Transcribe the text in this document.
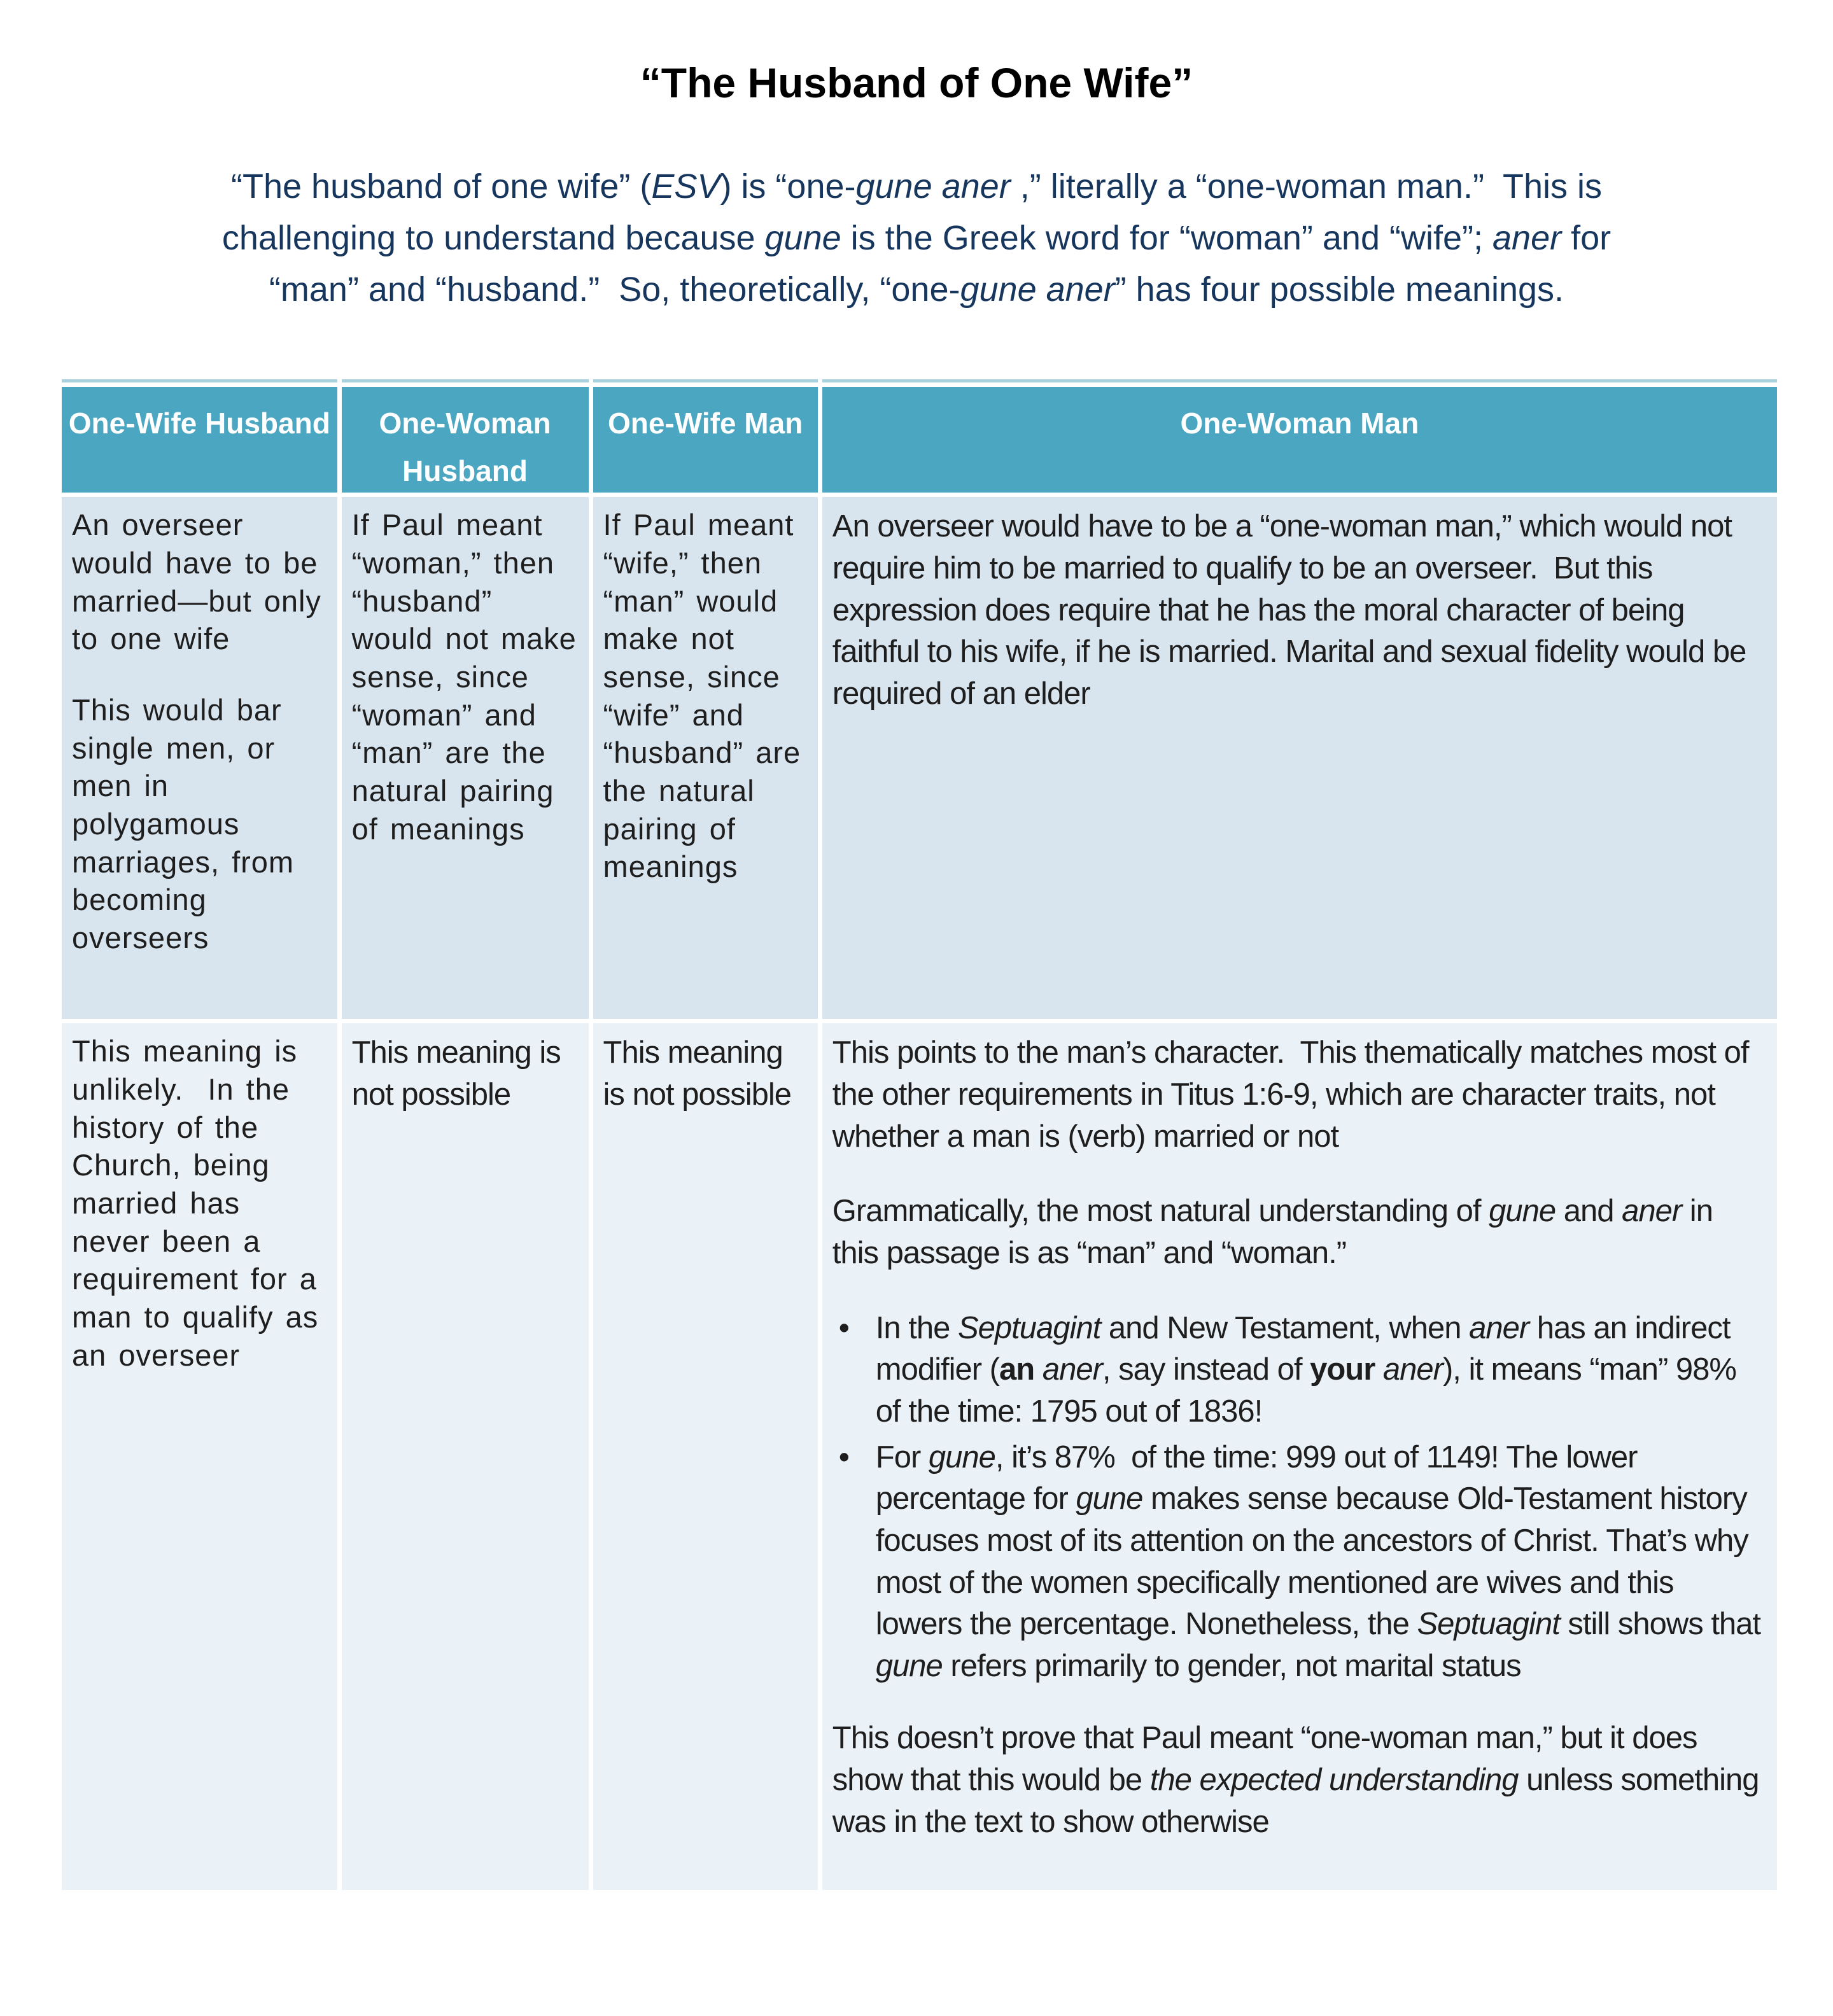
“The Husband of One Wife”
“The husband of one wife” (ESV) is “one-gune aner ,” literally a “one-woman man.”  This is
challenging to understand because gune is the Greek word for “woman” and “wife”; aner for
“man” and “husband.”  So, theoretically, “one-gune aner” has four possible meanings.
One-Wife Husband	One-Woman Husband
One-Wife Man	One-Woman Man

An overseer would have to be married—but only to one wife

This would bar single men, or men in polygamous marriages, from becoming overseers

If Paul meant “woman,” then “husband” would not make sense, since “woman” and “man” are the natural pairing of meanings

If Paul meant “wife,” then “man” would make not sense, since “wife” and “husband” are the natural pairing of meanings

An overseer would have to be a “one-woman man,” which would not require him to be married to qualify to be an overseer.  But this expression does require that he has the moral character of being faithful to his wife, if he is married. Marital and sexual fidelity would be required of an elder

This meaning is unlikely.  In the history of the Church, being married has never been a requirement for a man to qualify as an overseer

This meaning is not possible

This meaning is not possible

This points to the man’s character.  This thematically matches most of the other requirements in Titus 1:6-9, which are character traits, not whether a man is (verb) married or not

Grammatically, the most natural understanding of gune and aner in this passage is as “man” and “woman.”

• In the Septuagint and New Testament, when aner has an indirect modifier (an aner, say instead of your aner), it means “man” 98% of the time: 1795 out of 1836!
• For gune, it’s 87%  of the time: 999 out of 1149! The lower percentage for gune makes sense because Old-Testament history focuses most of its attention on the ancestors of Christ. That’s why most of the women specifically mentioned are wives and this lowers the percentage. Nonetheless, the Septuagint still shows that gune refers primarily to gender, not marital status

This doesn’t prove that Paul meant “one-woman man,” but it does show that this would be the expected understanding unless something was in the text to show otherwise
